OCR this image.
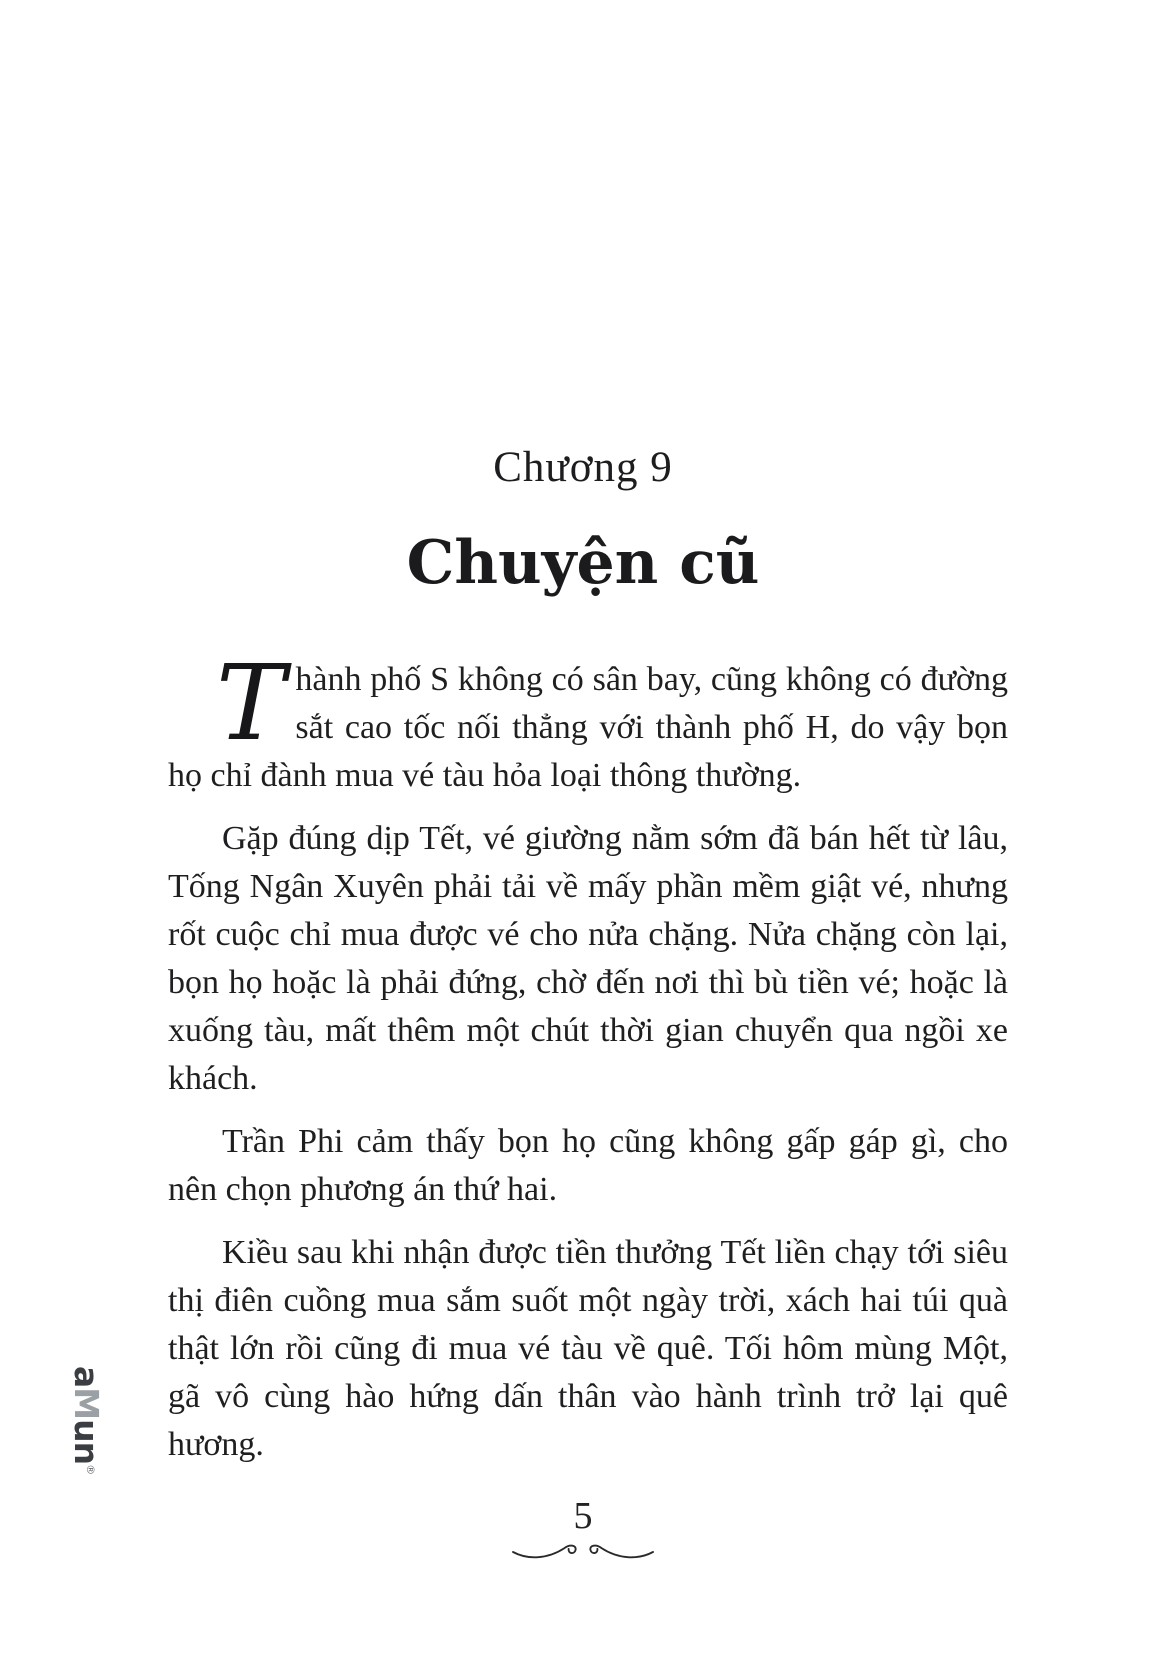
Chương 9
Chuyện cũ

Thành phố S không có sân bay, cũng không có đường sắt cao tốc nối thẳng với thành phố H, do vậy bọn họ chỉ đành mua vé tàu hỏa loại thông thường.

Gặp đúng dịp Tết, vé giường nằm sớm đã bán hết từ lâu, Tống Ngân Xuyên phải tải về mấy phần mềm giật vé, nhưng rốt cuộc chỉ mua được vé cho nửa chặng. Nửa chặng còn lại, bọn họ hoặc là phải đứng, chờ đến nơi thì bù tiền vé; hoặc là xuống tàu, mất thêm một chút thời gian chuyển qua ngồi xe khách.

Trần Phi cảm thấy bọn họ cũng không gấp gáp gì, cho nên chọn phương án thứ hai.

Kiều sau khi nhận được tiền thưởng Tết liền chạy tới siêu thị điên cuồng mua sắm suốt một ngày trời, xách hai túi quà thật lớn rồi cũng đi mua vé tàu về quê. Tối hôm mùng Một, gã vô cùng hào hứng dấn thân vào hành trình trở lại quê hương.

5
aMun®
